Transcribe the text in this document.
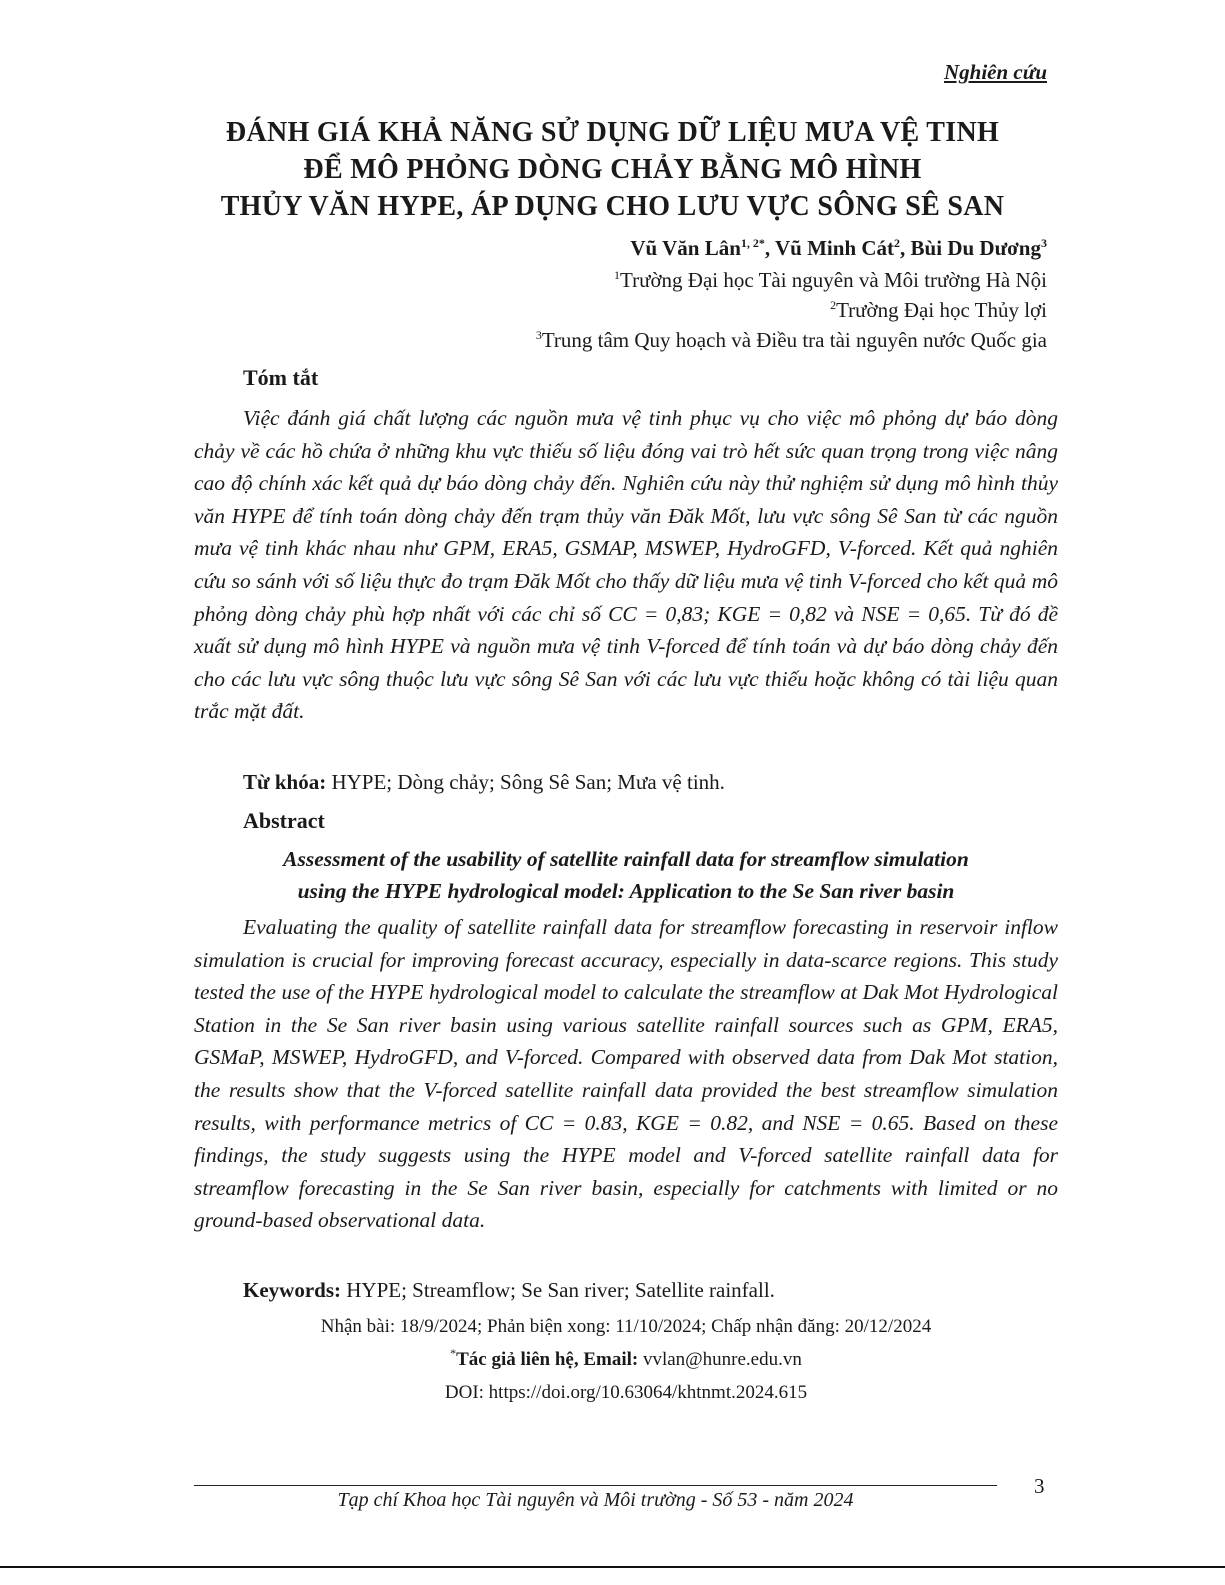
Nghiên cứu
ĐÁNH GIÁ KHẢ NĂNG SỬ DỤNG DỮ LIỆU MƯA VỆ TINH
ĐỂ MÔ PHỎNG DÒNG CHẢY BẰNG MÔ HÌNH
THỦY VĂN HYPE, ÁP DỤNG CHO LƯU VỰC SÔNG SÊ SAN
Vũ Văn Lân$^{1, 2*}$, Vũ Minh Cát$^2$, Bùi Du Dương$^3$
$^1$Trường Đại học Tài nguyên và Môi trường Hà Nội
$^2$Trường Đại học Thủy lợi
$^3$Trung tâm Quy hoạch và Điều tra tài nguyên nước Quốc gia
Tóm tắt

Việc đánh giá chất lượng các nguồn mưa vệ tinh phục vụ cho việc mô phỏng dự báo dòng chảy về các hồ chứa ở những khu vực thiếu số liệu đóng vai trò hết sức quan trọng trong việc nâng cao độ chính xác kết quả dự báo dòng chảy đến. Nghiên cứu này thử nghiệm sử dụng mô hình thủy văn HYPE để tính toán dòng chảy đến trạm thủy văn Đăk Mốt, lưu vực sông Sê San từ các nguồn mưa vệ tinh khác nhau như GPM, ERA5, GSMAP, MSWEP, HydroGFD, V-forced. Kết quả nghiên cứu so sánh với số liệu thực đo trạm Đăk Mốt cho thấy dữ liệu mưa vệ tinh V-forced cho kết quả mô phỏng dòng chảy phù hợp nhất với các chỉ số CC = 0,83; KGE = 0,82 và NSE = 0,65. Từ đó đề xuất sử dụng mô hình HYPE và nguồn mưa vệ tinh V-forced để tính toán và dự báo dòng chảy đến cho các lưu vực sông thuộc lưu vực sông Sê San với các lưu vực thiếu hoặc không có tài liệu quan trắc mặt đất.

Từ khóa: HYPE; Dòng chảy; Sông Sê San; Mưa vệ tinh.
Abstract
Assessment of the usability of satellite rainfall data for streamflow simulation
using the HYPE hydrological model: Application to the Se San river basin

Evaluating the quality of satellite rainfall data for streamflow forecasting in reservoir inflow simulation is crucial for improving forecast accuracy, especially in data-scarce regions. This study tested the use of the HYPE hydrological model to calculate the streamflow at Dak Mot Hydrological Station in the Se San river basin using various satellite rainfall sources such as GPM, ERA5, GSMaP, MSWEP, HydroGFD, and V-forced. Compared with observed data from Dak Mot station, the results show that the V-forced satellite rainfall data provided the best streamflow simulation results, with performance metrics of CC = 0.83, KGE = 0.82, and NSE = 0.65. Based on these findings, the study suggests using the HYPE model and V-forced satellite rainfall data for streamflow forecasting in the Se San river basin, especially for catchments with limited or no ground-based observational data.

Keywords: HYPE; Streamflow; Se San river; Satellite rainfall.
Nhận bài: 18/9/2024; Phản biện xong: 11/10/2024; Chấp nhận đăng: 20/12/2024
*Tác giả liên hệ, Email: vvlan@hunre.edu.vn
DOI: https://doi.org/10.63064/khtnmt.2024.615
3
Tạp chí Khoa học Tài nguyên và Môi trường - Số 53 - năm 2024
